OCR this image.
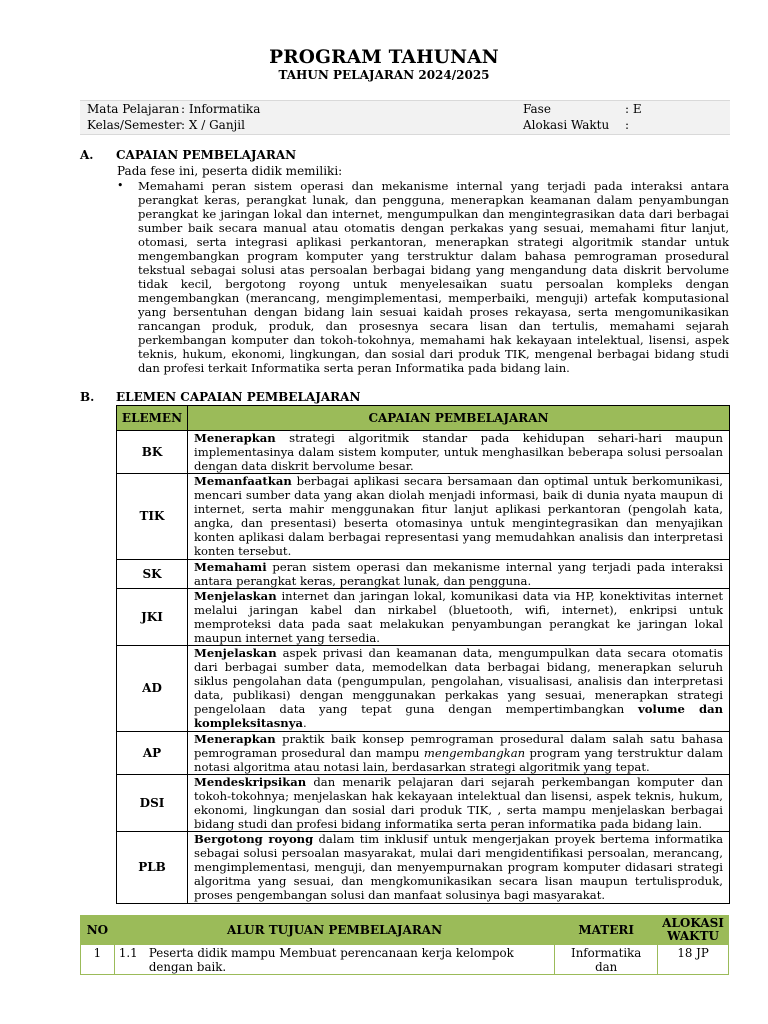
PROGRAM TAHUNAN
TAHUN PELAJARAN 2024/2025
Mata Pelajaran : Informatika	Fase	: E
Kelas/Semester : X / Ganjil	Alokasi Waktu	:
A. CAPAIAN PEMBELAJARAN
Pada fese ini, peserta didik memiliki:
• Memahami peran sistem operasi dan mekanisme internal yang terjadi pada interaksi antara perangkat keras, perangkat lunak, dan pengguna, menerapkan keamanan dalam penyambungan perangkat ke jaringan lokal dan internet, mengumpulkan dan mengintegrasikan data dari berbagai sumber baik secara manual atau otomatis dengan perkakas yang sesuai, memahami fitur lanjut, otomasi, serta integrasi aplikasi perkantoran, menerapkan strategi algoritmik standar untuk mengembangkan program komputer yang terstruktur dalam bahasa pemrograman prosedural tekstual sebagai solusi atas persoalan berbagai bidang yang mengandung data diskrit bervolume tidak kecil, bergotong royong untuk menyelesaikan suatu persoalan kompleks dengan mengembangkan (merancang, mengimplementasi, memperbaiki, menguji) artefak komputasional yang bersentuhan dengan bidang lain sesuai kaidah proses rekayasa, serta mengomunikasikan rancangan produk, produk, dan prosesnya secara lisan dan tertulis, memahami sejarah perkembangan komputer dan tokoh-tokohnya, memahami hak kekayaan intelektual, lisensi, aspek teknis, hukum, ekonomi, lingkungan, dan sosial dari produk TIK, mengenal berbagai bidang studi dan profesi terkait Informatika serta peran Informatika pada bidang lain.

B. ELEMEN CAPAIAN PEMBELAJARAN
ELEMEN	CAPAIAN PEMBELAJARAN
BK	Menerapkan strategi algoritmik standar pada kehidupan sehari-hari maupun implementasinya dalam sistem komputer, untuk menghasilkan beberapa solusi persoalan dengan data diskrit bervolume besar.
TIK	Memanfaatkan berbagai aplikasi secara bersamaan dan optimal untuk berkomunikasi, mencari sumber data yang akan diolah menjadi informasi, baik di dunia nyata maupun di internet, serta mahir menggunakan fitur lanjut aplikasi perkantoran (pengolah kata, angka, dan presentasi) beserta otomasinya untuk mengintegrasikan dan menyajikan konten aplikasi dalam berbagai representasi yang memudahkan analisis dan interpretasi konten tersebut.
SK	Memahami peran sistem operasi dan mekanisme internal yang terjadi pada interaksi antara perangkat keras, perangkat lunak, dan pengguna.
JKI	Menjelaskan internet dan jaringan lokal, komunikasi data via HP, konektivitas internet melalui jaringan kabel dan nirkabel (bluetooth, wifi, internet), enkripsi untuk memproteksi data pada saat melakukan penyambungan perangkat ke jaringan lokal maupun internet yang tersedia.
AD	Menjelaskan aspek privasi dan keamanan data, mengumpulkan data secara otomatis dari berbagai sumber data, memodelkan data berbagai bidang, menerapkan seluruh siklus pengolahan data (pengumpulan, pengolahan, visualisasi, analisis dan interpretasi data, publikasi) dengan menggunakan perkakas yang sesuai, menerapkan strategi pengelolaan data yang tepat guna dengan mempertimbangkan volume dan kompleksitasnya.
AP	Menerapkan praktik baik konsep pemrograman prosedural dalam salah satu bahasa pemrograman prosedural dan mampu mengembangkan program yang terstruktur dalam notasi algoritma atau notasi lain, berdasarkan strategi algoritmik yang tepat.
DSI	Mendeskripsikan dan menarik pelajaran dari sejarah perkembangan komputer dan tokoh-tokohnya; menjelaskan hak kekayaan intelektual dan lisensi, aspek teknis, hukum, ekonomi, lingkungan dan sosial dari produk TIK, , serta mampu menjelaskan berbagai bidang studi dan profesi bidang informatika serta peran informatika pada bidang lain.
PLB	Bergotong royong dalam tim inklusif untuk mengerjakan proyek bertema informatika sebagai solusi persoalan masyarakat, mulai dari mengidentifikasi persoalan, merancang, mengimplementasi, menguji, dan menyempurnakan program komputer didasari strategi algoritma yang sesuai, dan mengkomunikasikan secara lisan maupun tertulisproduk, proses pengembangan solusi dan manfaat solusinya bagi masyarakat.
NO	ALUR TUJUAN PEMBELAJARAN	MATERI	ALOKASI WAKTU
1	1.1 Peserta didik mampu Membuat perencanaan kerja kelompok dengan baik.	Informatika dan	18 JP
